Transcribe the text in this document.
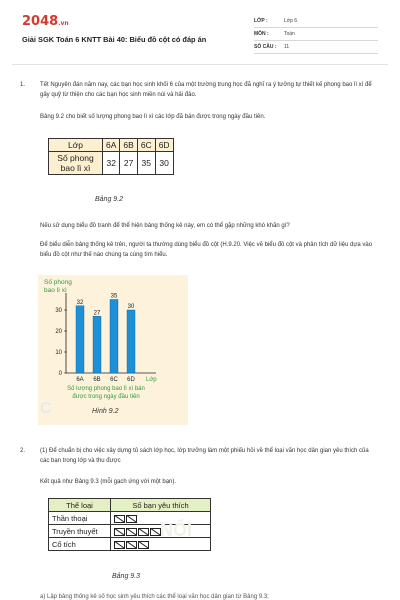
2048.vn
Giải SGK Toán 6 KNTT Bài 40: Biểu đồ cột có đáp án
LỚP :	Lớp 6
MÔN :	Toán
SỐ CÂU :	11
1. Tết Nguyên đán năm nay, các bạn học sinh khối 6 của một trường trung học đã nghĩ ra ý tưởng tự thiết kế phong bao lì xì để gây quỹ từ thiện cho các bạn học sinh miền núi và hải đảo.
Bảng 9.2 cho biết số lượng phong bao lì xì các lớp đã bán được trong ngày đầu tiên.
Lớp	6A	6B	6C	6D
Số phong bao lì xì	32	27	35	30
Bảng 9.2
Nếu sử dụng biểu đồ tranh để thể hiện bảng thống kê này, em có thể gặp những khó khăn gì?
Để biểu diễn bảng thống kê trên, người ta thường dùng biểu đồ cột (H.9.20. Việc vẽ biểu đồ cột và phân tích dữ liệu dựa vào biểu đồ cột như thế nào chúng ta cùng tìm hiểu.
Số phong
bao lì xì
0
10
20
30
32
6A
27
6B
35
6C
30
6D Lớp
Số lượng phong bao lì xì bán
được trong ngày đầu tiên
Hình 9.2
C
2. (1) Để chuẩn bị cho việc xây dựng tủ sách lớp học, lớp trưởng làm một phiếu hỏi về thể loại văn học dân gian yêu thích của các bạn trong lớp và thu được
Kết quả như Bảng 9.3 (mỗi gạch ứng với một bạn).
Thể loại	Số bạn yêu thích
Thần thoại	
Truyền thuyết	
Cổ tích	
Bảng 9.3
NỐI
a) Lập bảng thống kê số học sinh yêu thích các thể loại văn học dân gian từ Bảng 9.3;
